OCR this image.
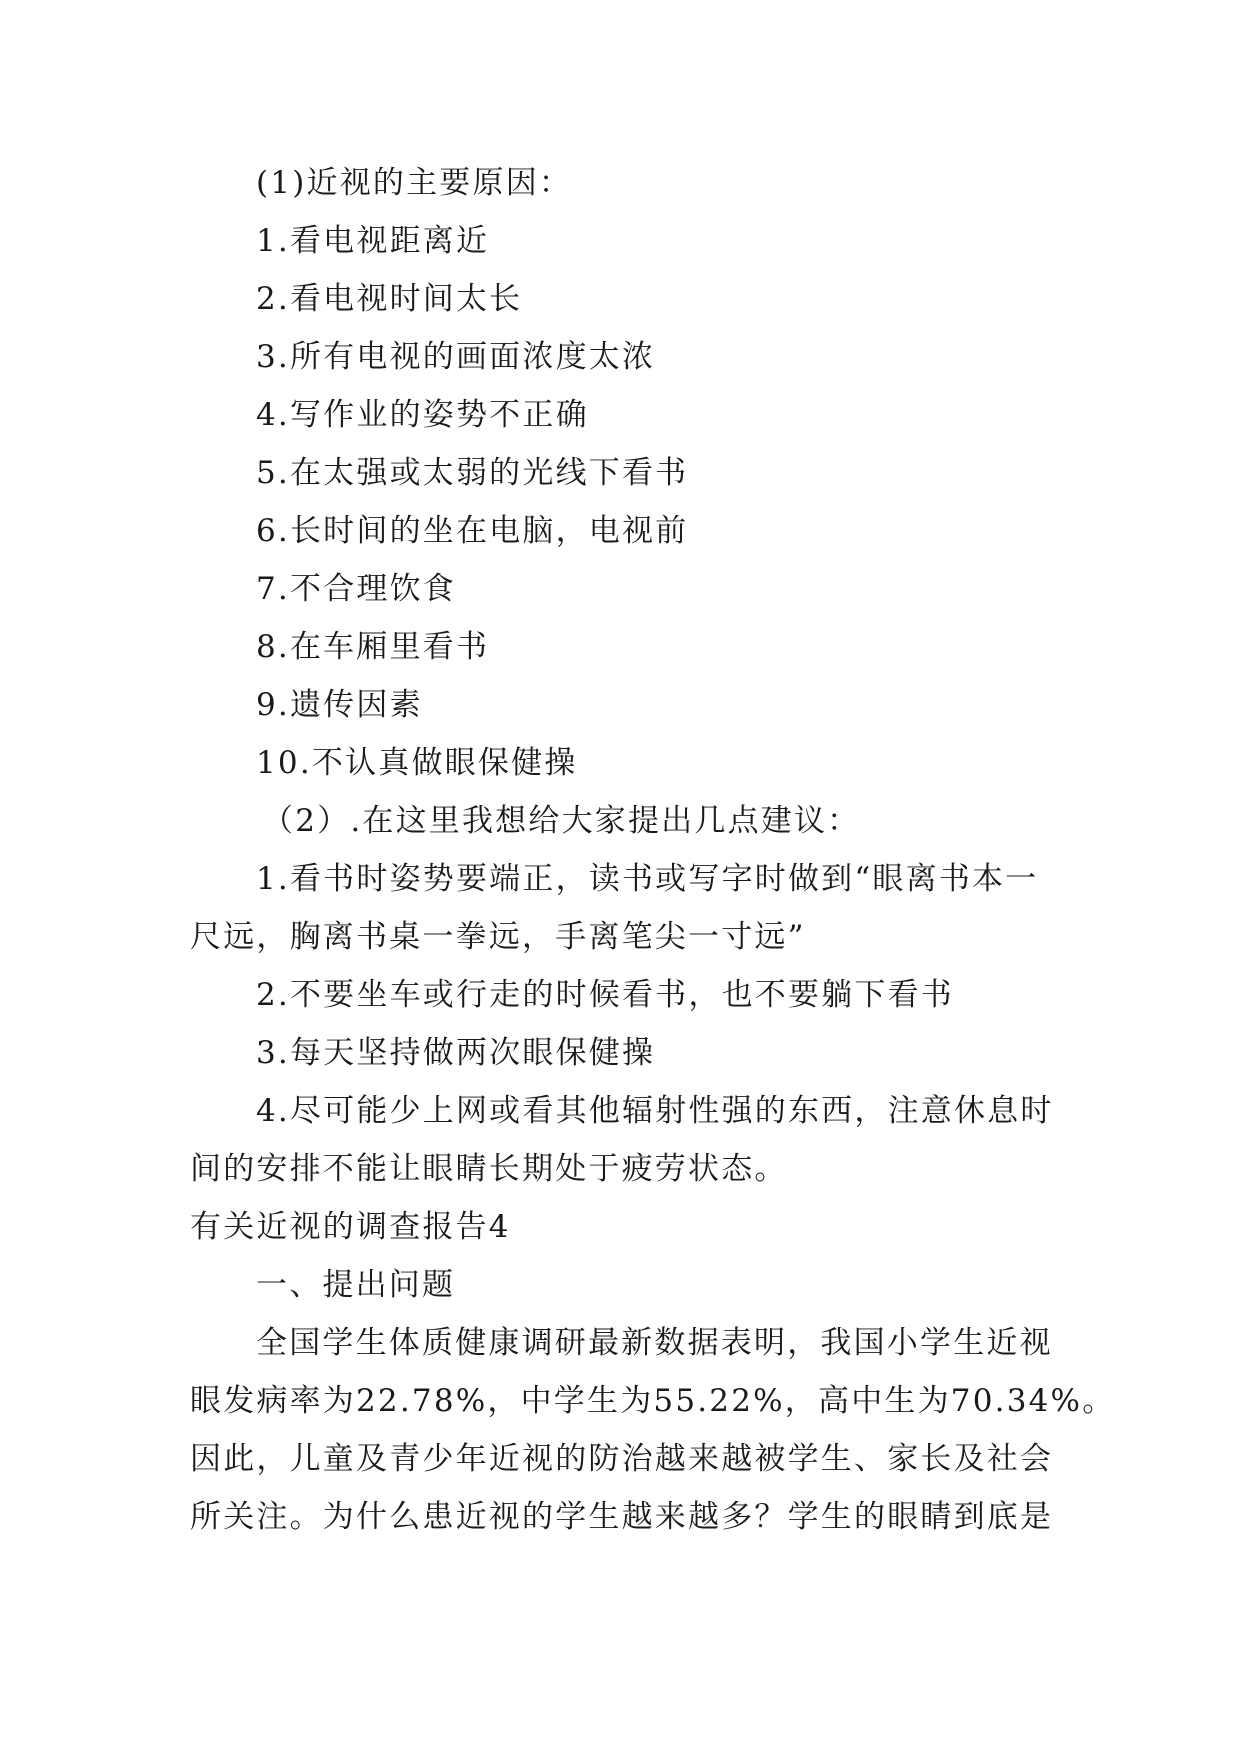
(1)近视的主要原因：
1.看电视距离近
2.看电视时间太长
3.所有电视的画面浓度太浓
4.写作业的姿势不正确
5.在太强或太弱的光线下看书
6.长时间的坐在电脑，电视前
7.不合理饮食
8.在车厢里看书
9.遗传因素
10.不认真做眼保健操
（2）.在这里我想给大家提出几点建议：
1.看书时姿势要端正，读书或写字时做到“眼离书本一
尺远，胸离书桌一拳远，手离笔尖一寸远”
2.不要坐车或行走的时候看书，也不要躺下看书
3.每天坚持做两次眼保健操
4.尽可能少上网或看其他辐射性强的东西，注意休息时
间的安排不能让眼睛长期处于疲劳状态。
有关近视的调查报告4
一、提出问题
全国学生体质健康调研最新数据表明，我国小学生近视
眼发病率为22.78%，中学生为55.22%，高中生为70.34%。
因此，儿童及青少年近视的防治越来越被学生、家长及社会
所关注。为什么患近视的学生越来越多？学生的眼睛到底是
